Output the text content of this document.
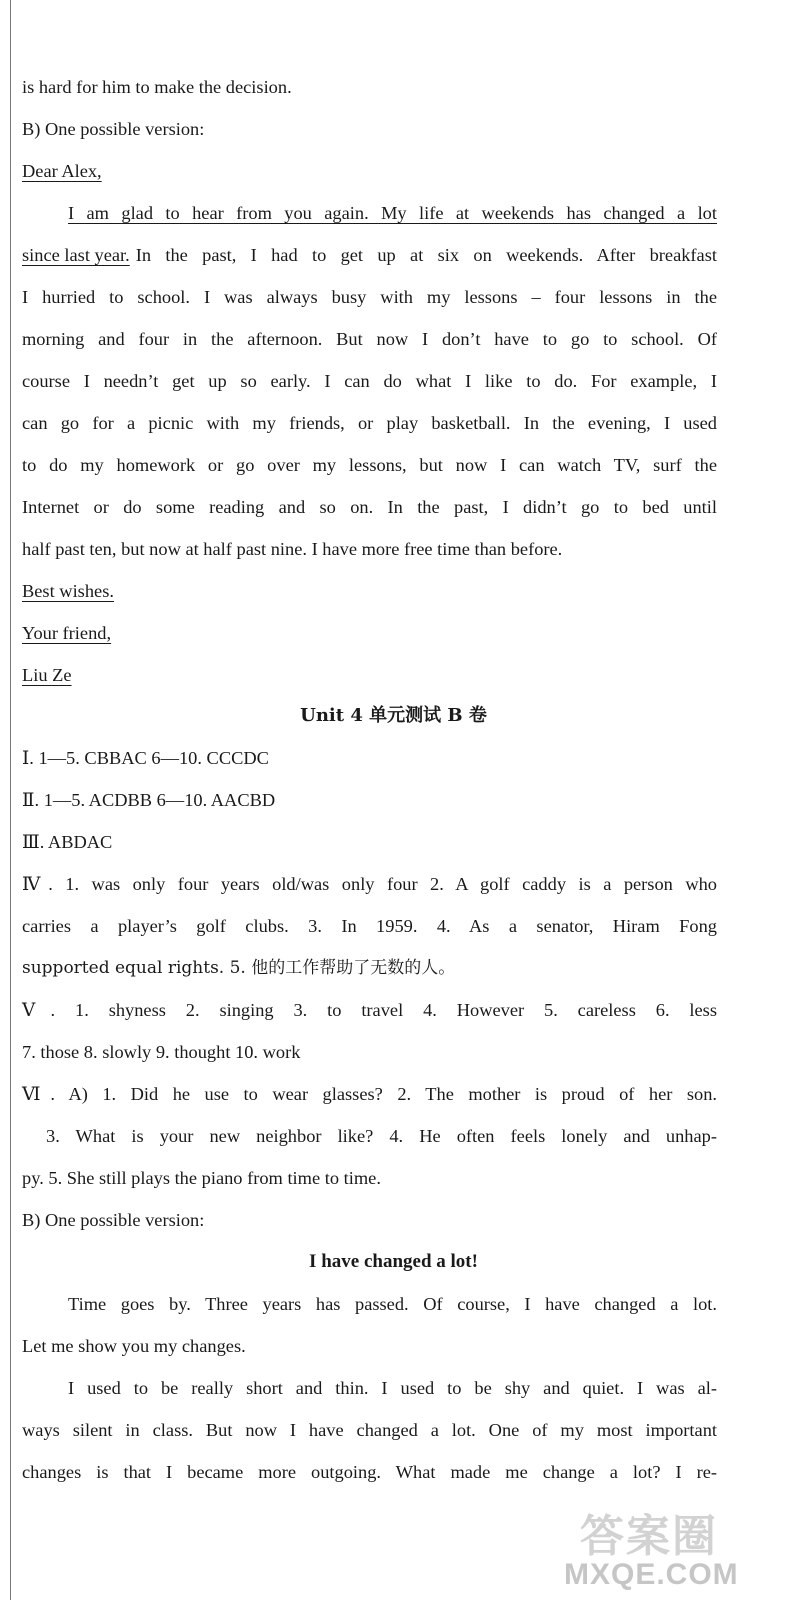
is hard for him to make the decision.
B) One possible version:
Dear Alex,
I am glad to hear from you again. My life at weekends has changed a lot
since last year. In the past, I had to get up at six on weekends. After breakfast
I hurried to school. I was always busy with my lessons – four lessons in the
morning and four in the afternoon. But now I don’t have to go to school. Of
course I needn’t get up so early. I can do what I like to do. For example, I
can go for a picnic with my friends, or play basketball. In the evening, I used
to do my homework or go over my lessons, but now I can watch TV, surf the
Internet or do some reading and so on. In the past, I didn’t go to bed until
half past ten, but now at half past nine. I have more free time than before.
Best wishes.
Your friend,
Liu Ze
Unit 4 单元测试 B 卷
Ⅰ. 1—5. CBBAC 6—10. CCCDC
Ⅱ. 1—5. ACDBB 6—10. AACBD
Ⅲ. ABDAC
Ⅳ. 1. was only four years old/was only four 2. A golf caddy is a person who
carries a player’s golf clubs. 3. In 1959. 4. As a senator, Hiram Fong
supported equal rights. 5. 他的工作帮助了无数的人。
Ⅴ. 1. shyness 2. singing 3. to travel 4. However 5. careless 6. less
7. those 8. slowly 9. thought 10. work
Ⅵ. A) 1. Did he use to wear glasses? 2. The mother is proud of her son.
3. What is your new neighbor like? 4. He often feels lonely and unhap-
py. 5. She still plays the piano from time to time.
B) One possible version:
I have changed a lot!
Time goes by. Three years has passed. Of course, I have changed a lot.
Let me show you my changes.
I used to be really short and thin. I used to be shy and quiet. I was al-
ways silent in class. But now I have changed a lot. One of my most important
changes is that I became more outgoing. What made me change a lot? I re-
答案圈
MXQE.COM
